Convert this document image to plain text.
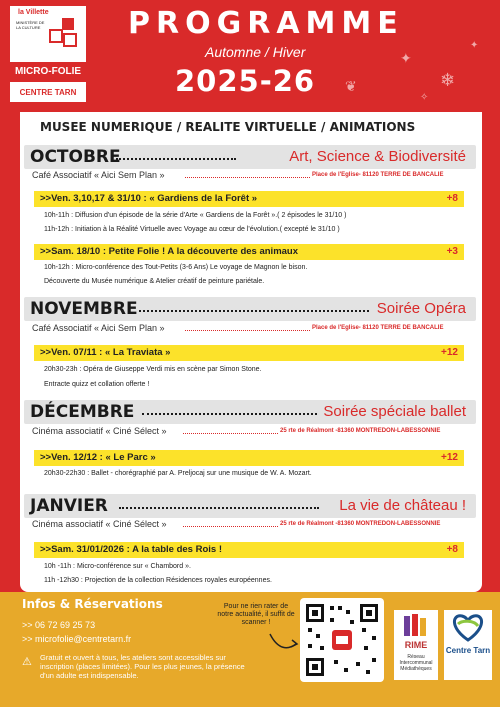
la Villette
MINISTÈRE DE LA CULTURE
MICRO-FOLIE
CENTRE TARN
PROGRAMME
Automne / Hiver
2025-26
✦
❄
✦
❦
✧
MUSEE NUMERIQUE / REALITE VIRTUELLE / ANIMATIONS
OCTOBRE	Art, Science & Biodiversité
Café Associatif « Aici Sem Plan »	Place de l'Eglise- 81120 TERRE DE BANCALIE
>>Ven. 3,10,17 & 31/10 : « Gardiens de la Forêt »	+8
10h-11h : Diffusion d'un épisode de la série d'Arte « Gardiens de la Forêt ».( 2 épisodes le 31/10 )
11h-12h : Initiation à la Réalité Virtuelle avec Voyage au cœur de l'évolution.( excepté le 31/10 )
>>Sam. 18/10 : Petite Folie ! A la découverte des animaux	+3
10h-12h : Micro-conférence des Tout-Petits (3-6 Ans) Le voyage de Magnon le bison.
Découverte du Musée numérique & Atelier créatif de peinture pariétale.
NOVEMBRE	Soirée Opéra
Café Associatif « Aici Sem Plan »	Place de l'Eglise- 81120 TERRE DE BANCALIE
>>Ven. 07/11 : « La Traviata »	+12
20h30-23h : Opéra de Giuseppe Verdi mis en scène par Simon Stone.
Entracte quizz et collation offerte !
DÉCEMBRE	Soirée spéciale ballet
Cinéma associatif « Ciné Sélect »	25 rte de Réalmont -81360 MONTREDON-LABESSONNIE
>>Ven. 12/12 : « Le Parc »	+12
20h30-22h30 : Ballet - chorégraphié par A. Preljocaj sur une musique de W. A. Mozart.
JANVIER	La vie de château !
Cinéma associatif « Ciné Sélect »	25 rte de Réalmont -81360 MONTREDON-LABESSONNIE
>>Sam. 31/01/2026 : A la table des Rois !	+8
10h -11h : Micro-conférence sur « Chambord ».
11h -12h30 : Projection de la collection Résidences royales européennes.
Infos & Réservations
>> 06 72 69 25 73
>> microfolie@centretarn.fr
⚠ Gratuit et ouvert à tous, les ateliers sont accessibles sur inscription (places limitées). Pour les plus jeunes, la présence d'un adulte est indispensable.
Pour ne rien rater de notre actualité, il suffit de scanner !
RIME
Réseau Intercommunal Médiathèques
Centre Tarn
